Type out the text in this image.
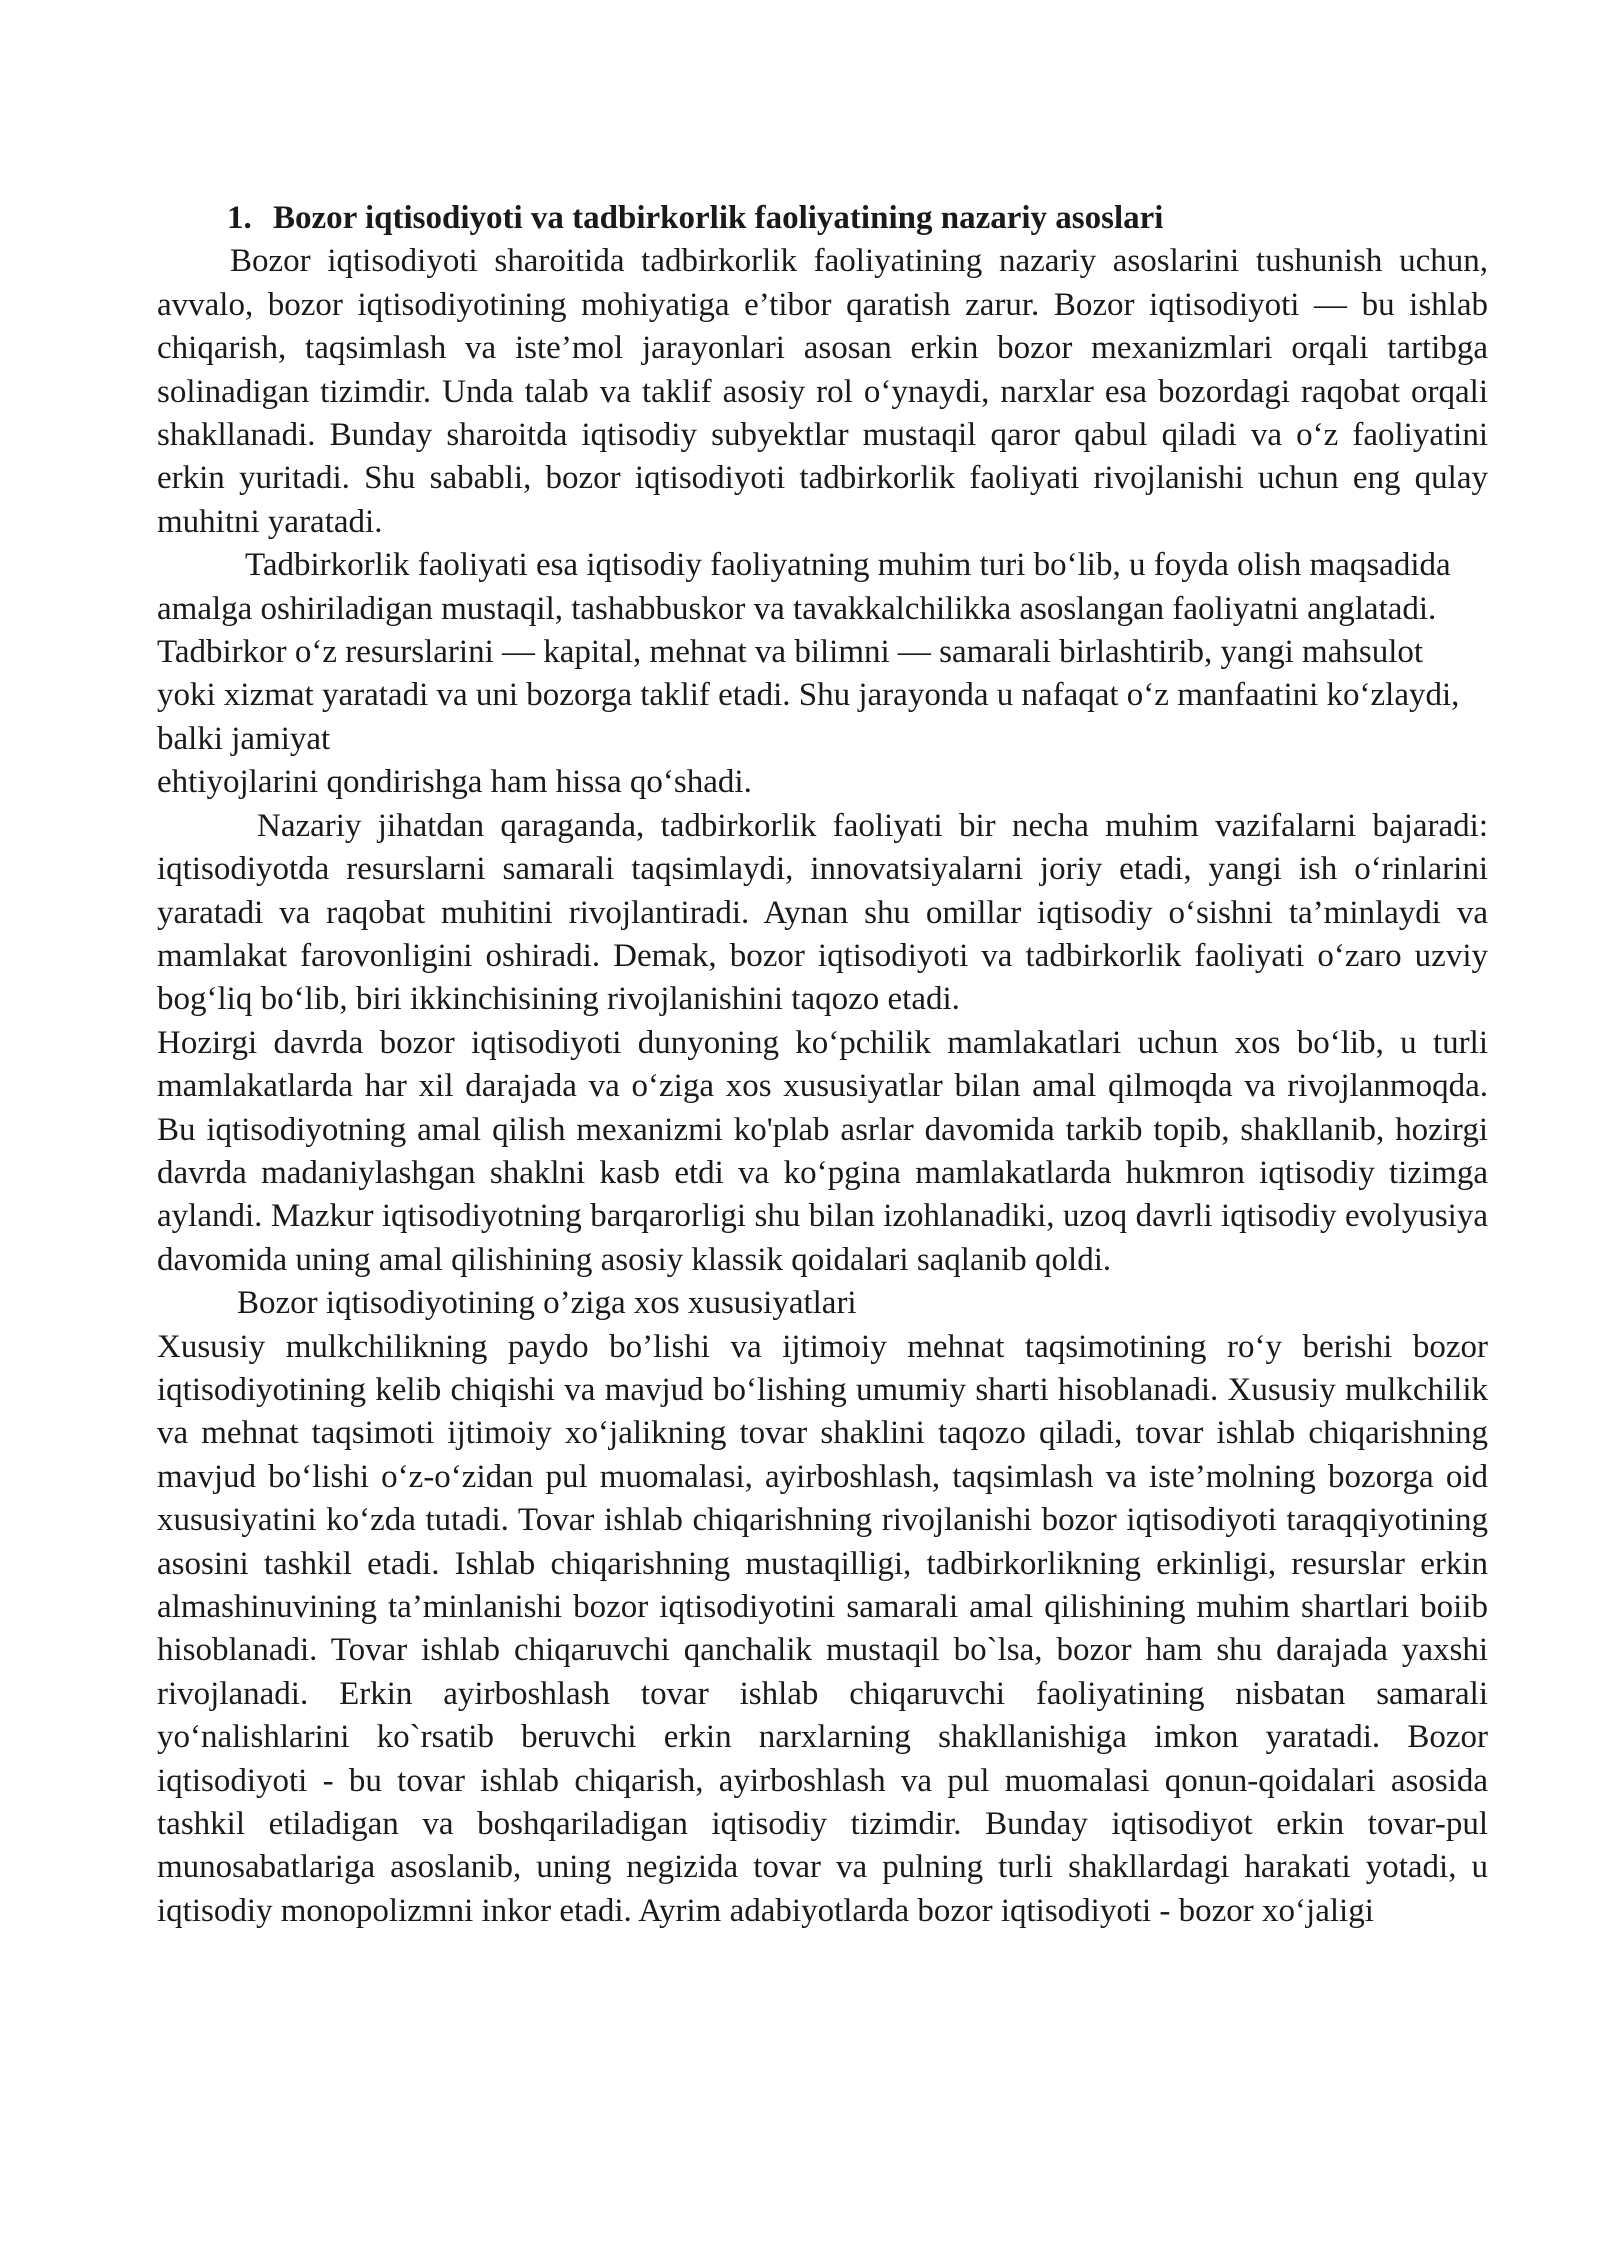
1. Bozor iqtisodiyoti va tadbirkorlik faoliyatining nazariy asoslari

Bozor iqtisodiyoti sharoitida tadbirkorlik faoliyatining nazariy asoslarini tushunish uchun, avvalo, bozor iqtisodiyotining mohiyatiga e’tibor qaratish zarur. Bozor iqtisodiyoti — bu ishlab chiqarish, taqsimlash va iste’mol jarayonlari asosan erkin bozor mexanizmlari orqali tartibga solinadigan tizimdir. Unda talab va taklif asosiy rol o‘ynaydi, narxlar esa bozordagi raqobat orqali shakllanadi. Bunday sharoitda iqtisodiy subyektlar mustaqil qaror qabul qiladi va o‘z faoliyatini erkin yuritadi. Shu sababli, bozor iqtisodiyoti tadbirkorlik faoliyati rivojlanishi uchun eng qulay muhitni yaratadi.

Tadbirkorlik faoliyati esa iqtisodiy faoliyatning muhim turi bo‘lib, u foyda olish maqsadida amalga oshiriladigan mustaqil, tashabbuskor va tavakkalchilikka asoslangan faoliyatni anglatadi. Tadbirkor o‘z resurslarini — kapital, mehnat va bilimni — samarali birlashtirib, yangi mahsulot yoki xizmat yaratadi va uni bozorga taklif etadi. Shu jarayonda u nafaqat o‘z manfaatini ko‘zlaydi, balki jamiyat

ehtiyojlarini qondirishga ham hissa qo‘shadi.

Nazariy jihatdan qaraganda, tadbirkorlik faoliyati bir necha muhim vazifalarni bajaradi: iqtisodiyotda resurslarni samarali taqsimlaydi, innovatsiyalarni joriy etadi, yangi ish o‘rinlarini yaratadi va raqobat muhitini rivojlantiradi. Aynan shu omillar iqtisodiy o‘sishni ta’minlaydi va mamlakat farovonligini oshiradi. Demak, bozor iqtisodiyoti va tadbirkorlik faoliyati o‘zaro uzviy bog‘liq bo‘lib, biri ikkinchisining rivojlanishini taqozo etadi.

Hozirgi davrda bozor iqtisodiyoti dunyoning ko‘pchilik mamlakatlari uchun xos bo‘lib, u turli mamlakatlarda har xil darajada va o‘ziga xos xususiyatlar bilan amal qilmoqda va rivojlanmoqda. Bu iqtisodiyotning amal qilish mexanizmi ko'plab asrlar davomida tarkib topib, shakllanib, hozirgi davrda madaniylashgan shaklni kasb etdi va ko‘pgina mamlakatlarda hukmron iqtisodiy tizimga aylandi. Mazkur iqtisodiyotning barqarorligi shu bilan izohlanadiki, uzoq davrli iqtisodiy evolyusiya davomida uning amal qilishining asosiy klassik qoidalari saqlanib qoldi.

Bozor iqtisodiyotining o’ziga xos xususiyatlari

Xususiy mulkchilikning paydo bo’lishi va ijtimoiy mehnat taqsimotining ro‘y berishi bozor iqtisodiyotining kelib chiqishi va mavjud bo‘lishing umumiy sharti hisoblanadi. Xususiy mulkchilik va mehnat taqsimoti ijtimoiy xo‘jalikning tovar shaklini taqozo qiladi, tovar ishlab chiqarishning mavjud bo‘lishi o‘z-o‘zidan pul muomalasi, ayirboshlash, taqsimlash va iste’molning bozorga oid xususiyatini ko‘zda tutadi. Tovar ishlab chiqarishning rivojlanishi bozor iqtisodiyoti taraqqiyotining asosini tashkil etadi. Ishlab chiqarishning mustaqilligi, tadbirkorlikning erkinligi, resurslar erkin almashinuvining ta’minlanishi bozor iqtisodiyotini samarali amal qilishining muhim shartlari boiib hisoblanadi. Tovar ishlab chiqaruvchi qanchalik mustaqil bo`lsa, bozor ham shu darajada yaxshi rivojlanadi. Erkin ayirboshlash tovar ishlab chiqaruvchi faoliyatining nisbatan samarali yo‘nalishlarini ko`rsatib beruvchi erkin narxlarning shakllanishiga imkon yaratadi. Bozor iqtisodiyoti - bu tovar ishlab chiqarish, ayirboshlash va pul muomalasi qonun-qoidalari asosida tashkil etiladigan va boshqariladigan iqtisodiy tizimdir. Bunday iqtisodiyot erkin tovar-pul munosabatlariga asoslanib, uning negizida tovar va pulning turli shakllardagi harakati yotadi, u iqtisodiy monopolizmni inkor etadi. Ayrim adabiyotlarda bozor iqtisodiyoti - bozor xo‘jaligi
